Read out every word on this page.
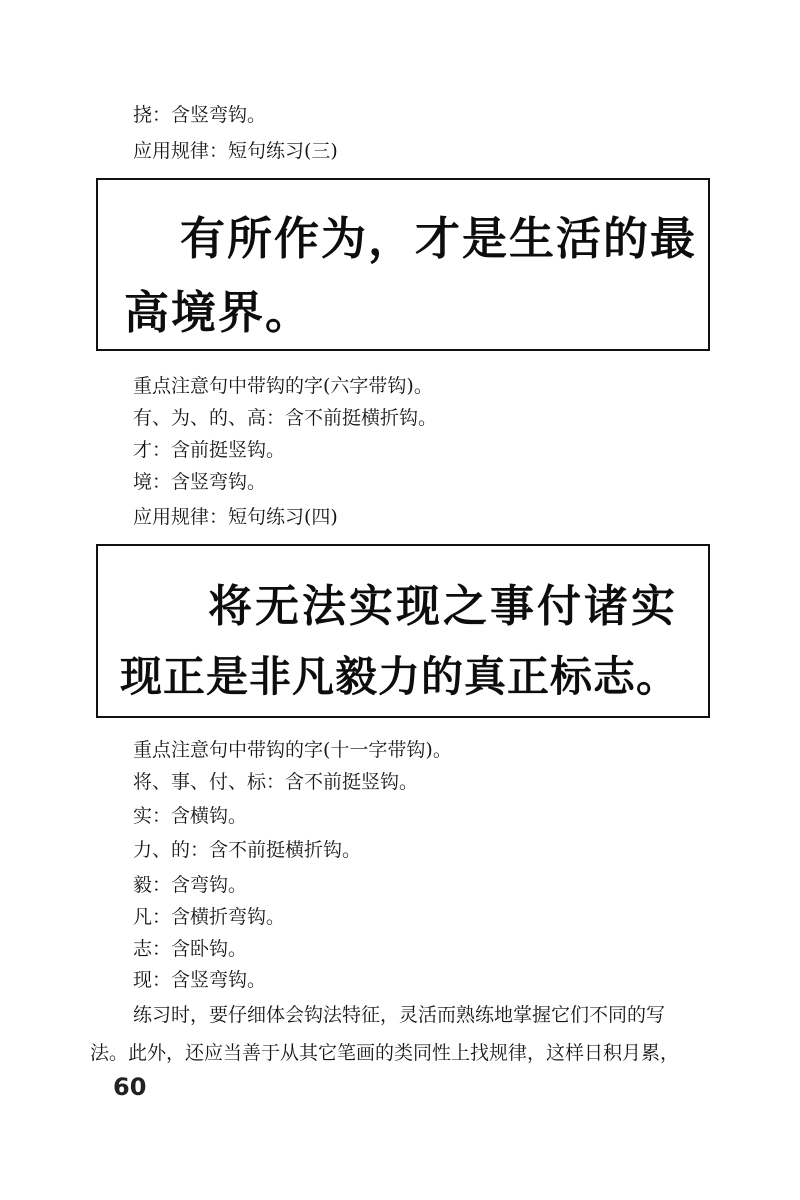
挠：含竖弯钩。
应用规律：短句练习(三)
有所作为，才是生活的最
高境界。
重点注意句中带钩的字(六字带钩)。
有、为、的、高：含不前挺横折钩。
才：含前挺竖钩。
境：含竖弯钩。
应用规律：短句练习(四)
将无法实现之事付诸实
现正是非凡毅力的真正标志。
重点注意句中带钩的字(十一字带钩)。
将、事、付、标：含不前挺竖钩。
实：含横钩。
力、的：含不前挺横折钩。
毅：含弯钩。
凡：含横折弯钩。
志：含卧钩。
现：含竖弯钩。
练习时，要仔细体会钩法特征，灵活而熟练地掌握它们不同的写
法。此外，还应当善于从其它笔画的类同性上找规律，这样日积月累，
60
